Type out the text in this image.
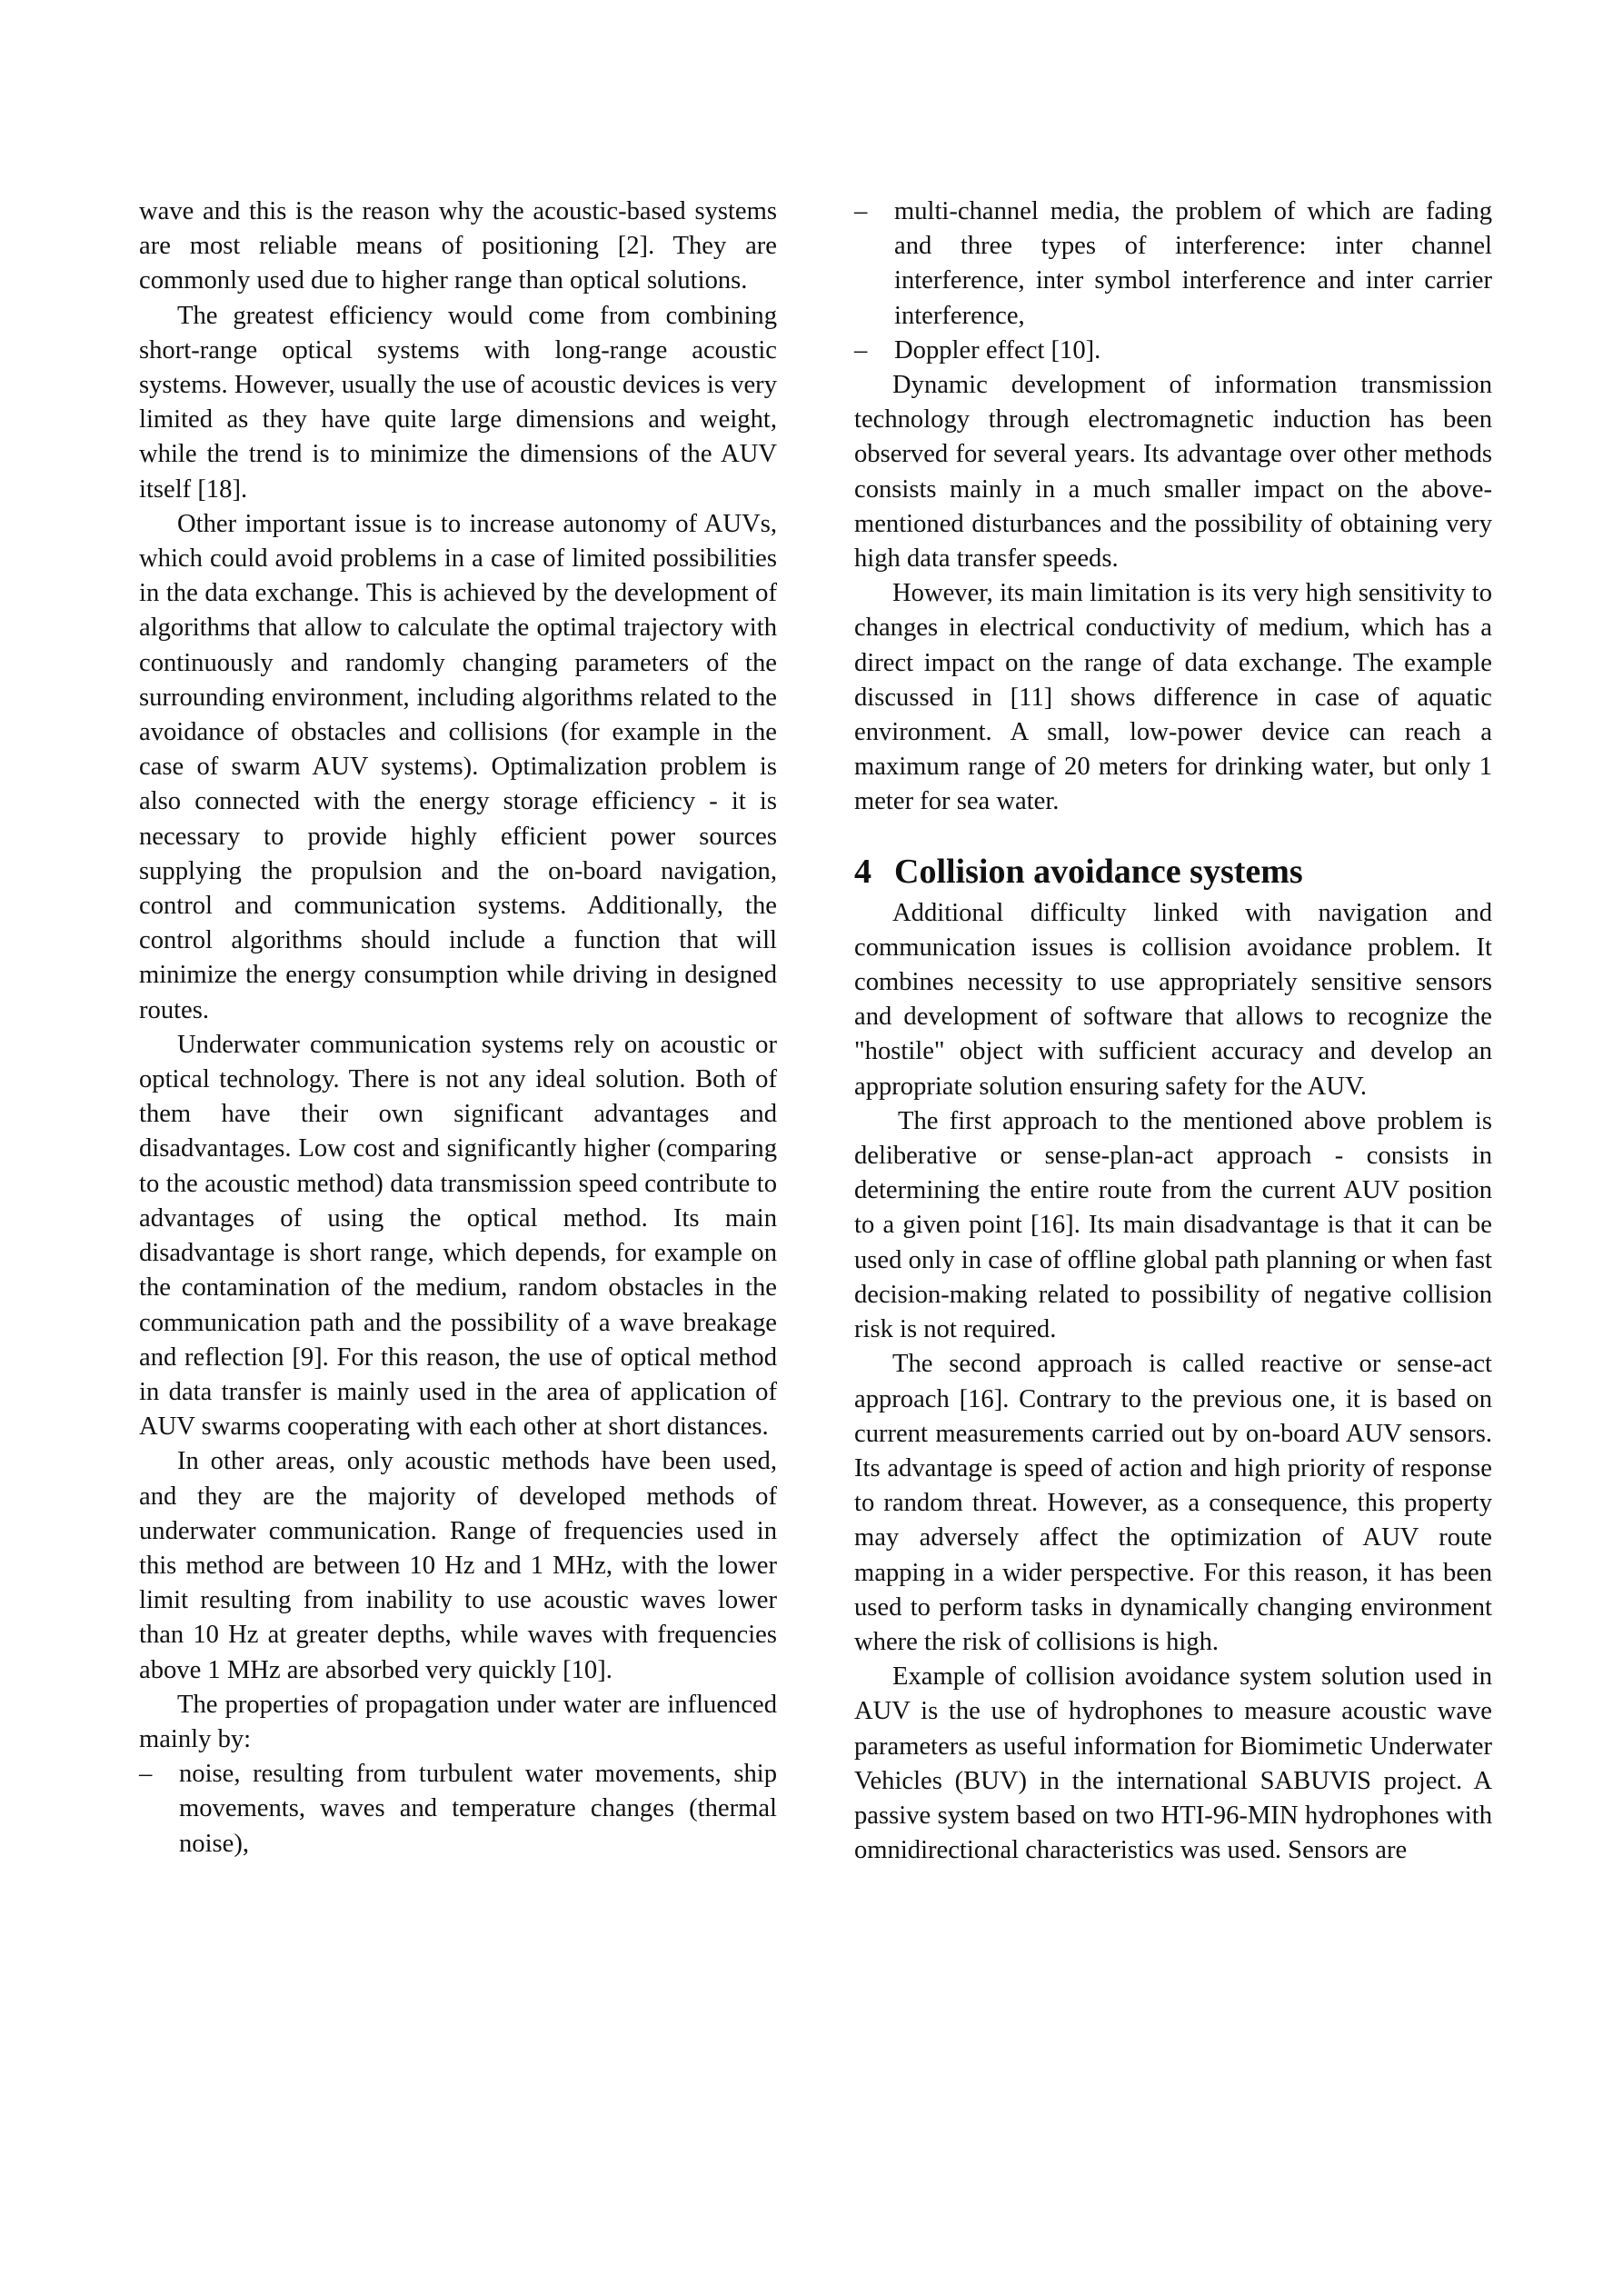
wave and this is the reason why the acoustic-based systems are most reliable means of positioning [2]. They are commonly used due to higher range than optical solutions.

The greatest efficiency would come from combining short-range optical systems with long-range acoustic systems. However, usually the use of acoustic devices is very limited as they have quite large dimensions and weight, while the trend is to minimize the dimensions of the AUV itself [18].

Other important issue is to increase autonomy of AUVs, which could avoid problems in a case of limited possibilities in the data exchange. This is achieved by the development of algorithms that allow to calculate the optimal trajectory with continuously and randomly changing parameters of the surrounding environment, including algorithms related to the avoidance of obstacles and collisions (for example in the case of swarm AUV systems). Optimalization problem is also connected with the energy storage efficiency - it is necessary to provide highly efficient power sources supplying the propulsion and the on-board navigation, control and communication systems. Additionally, the control algorithms should include a function that will minimize the energy consumption while driving in designed routes.

Underwater communication systems rely on acoustic or optical technology. There is not any ideal solution. Both of them have their own significant advantages and disadvantages. Low cost and significantly higher (comparing to the acoustic method) data transmission speed contribute to advantages of using the optical method. Its main disadvantage is short range, which depends, for example on the contamination of the medium, random obstacles in the communication path and the possibility of a wave breakage and reflection [9]. For this reason, the use of optical method in data transfer is mainly used in the area of application of AUV swarms cooperating with each other at short distances.

In other areas, only acoustic methods have been used, and they are the majority of developed methods of underwater communication. Range of frequencies used in this method are between 10 Hz and 1 MHz, with the lower limit resulting from inability to use acoustic waves lower than 10 Hz at greater depths, while waves with frequencies above 1 MHz are absorbed very quickly [10].

The properties of propagation under water are influenced mainly by:

– noise, resulting from turbulent water movements, ship movements, waves and temperature changes (thermal noise),
– multi-channel media, the problem of which are fading and three types of interference: inter channel interference, inter symbol interference and inter carrier interference,
– Doppler effect [10].

Dynamic development of information transmission technology through electromagnetic induction has been observed for several years. Its advantage over other methods consists mainly in a much smaller impact on the above-mentioned disturbances and the possibility of obtaining very high data transfer speeds.

However, its main limitation is its very high sensitivity to changes in electrical conductivity of medium, which has a direct impact on the range of data exchange. The example discussed in [11] shows difference in case of aquatic environment. A small, low-power device can reach a maximum range of 20 meters for drinking water, but only 1 meter for sea water.

4 Collision avoidance systems

Additional difficulty linked with navigation and communication issues is collision avoidance problem. It combines necessity to use appropriately sensitive sensors and development of software that allows to recognize the "hostile" object with sufficient accuracy and develop an appropriate solution ensuring safety for the AUV.

The first approach to the mentioned above problem is deliberative or sense-plan-act approach - consists in determining the entire route from the current AUV position to a given point [16]. Its main disadvantage is that it can be used only in case of offline global path planning or when fast decision-making related to possibility of negative collision risk is not required.

The second approach is called reactive or sense-act approach [16]. Contrary to the previous one, it is based on current measurements carried out by on-board AUV sensors. Its advantage is speed of action and high priority of response to random threat. However, as a consequence, this property may adversely affect the optimization of AUV route mapping in a wider perspective. For this reason, it has been used to perform tasks in dynamically changing environment where the risk of collisions is high.

Example of collision avoidance system solution used in AUV is the use of hydrophones to measure acoustic wave parameters as useful information for Biomimetic Underwater Vehicles (BUV) in the international SABUVIS project. A passive system based on two HTI-96-MIN hydrophones with omnidirectional characteristics was used. Sensors are
